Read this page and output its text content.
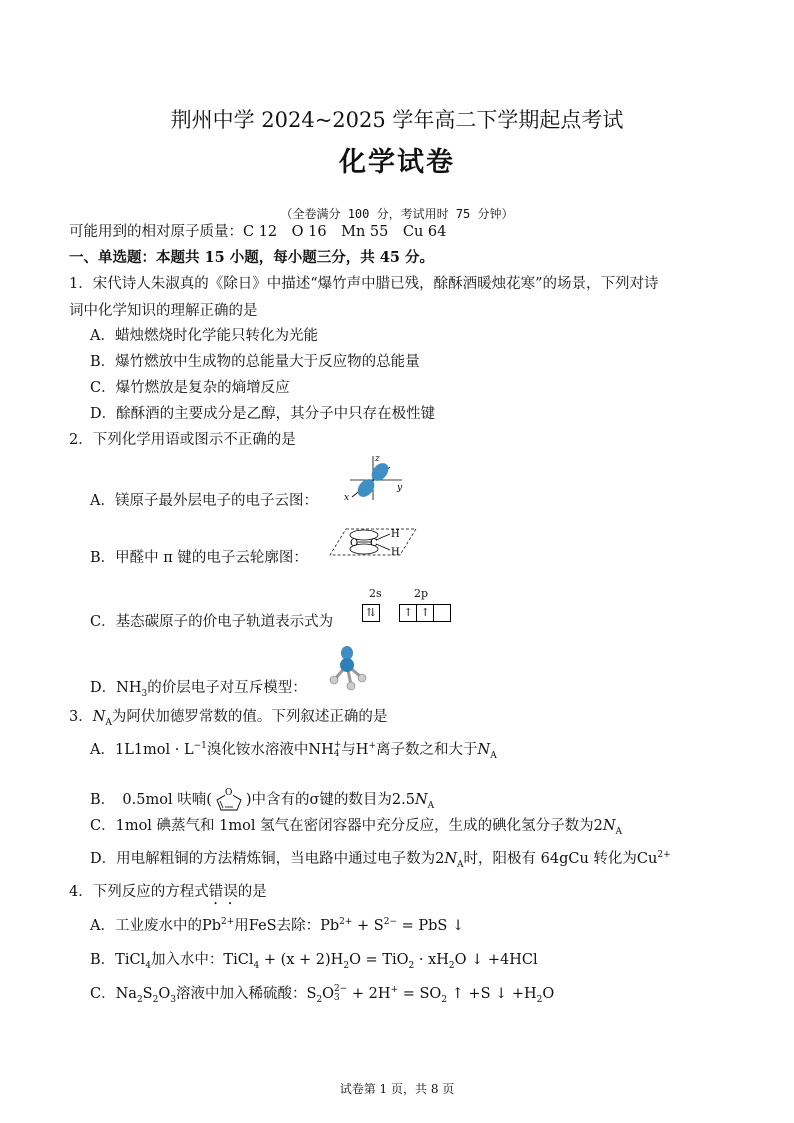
荆州中学 2024~2025 学年高二下学期起点考试
化学试卷
（全卷满分 100 分，考试用时 75 分钟）
可能用到的相对原子质量：C 12　O 16　Mn 55　Cu 64
一、单选题：本题共 15 小题，每小题三分，共 45 分。
1．宋代诗人朱淑真的《除日》中描述“爆竹声中腊已残，酴酥酒暖烛花寒”的场景，下列对诗
词中化学知识的理解正确的是
A．蜡烛燃烧时化学能只转化为光能
B．爆竹燃放中生成物的总能量大于反应物的总能量
C．爆竹燃放是复杂的熵增反应
D．酴酥酒的主要成分是乙醇，其分子中只存在极性键
2．下列化学用语或图示不正确的是
A．镁原子最外层电子的电子云图：
z
y
x
B．甲醛中 π 键的电子云轮廓图：
O C
H
H
2s	2p
C．基态碳原子的价电子轨道表示式为
⇅	↑ ↑
D．$NH_3$的价层电子对互斥模型：
3．$N_A$为阿伏加德罗常数的值。下列叙述正确的是
A．$1L1mol \cdot L^{-1}$溴化铵水溶液中NH +
4 与H+离子数之和大于$N_A$
B．　0.5mol 呋喃( O )中含有的σ键的数目为$2.5N_A$
C．1mol 碘蒸气和 1mol 氢气在密闭容器中充分反应，生成的碘化氢分子数为$2N_A$
D．用电解粗铜的方法精炼铜，当电路中通过电子数为$2N_A$时，阳极有 64gCu 转化为$Cu^{2+}$
4．下列反应的方程式错误的是
A．工业废水中的$Pb^{2+}$用FeS去除：$Pb^{2+} + S^{2-}$ = PbS ↓
B．TiCl$_4$加入水中：TiCl$_4$ + $(x + 2)H_2O = TiO_2 \cdot xH_2O$ ↓ +4HCl
C．$Na_2S_2O_3$溶液中加入稀硫酸：$S_2O$ 2−
$3 + 2H^+ = SO_2$ ↑ +S ↓ $+H_2O$
试卷第 1 页，共 8 页
